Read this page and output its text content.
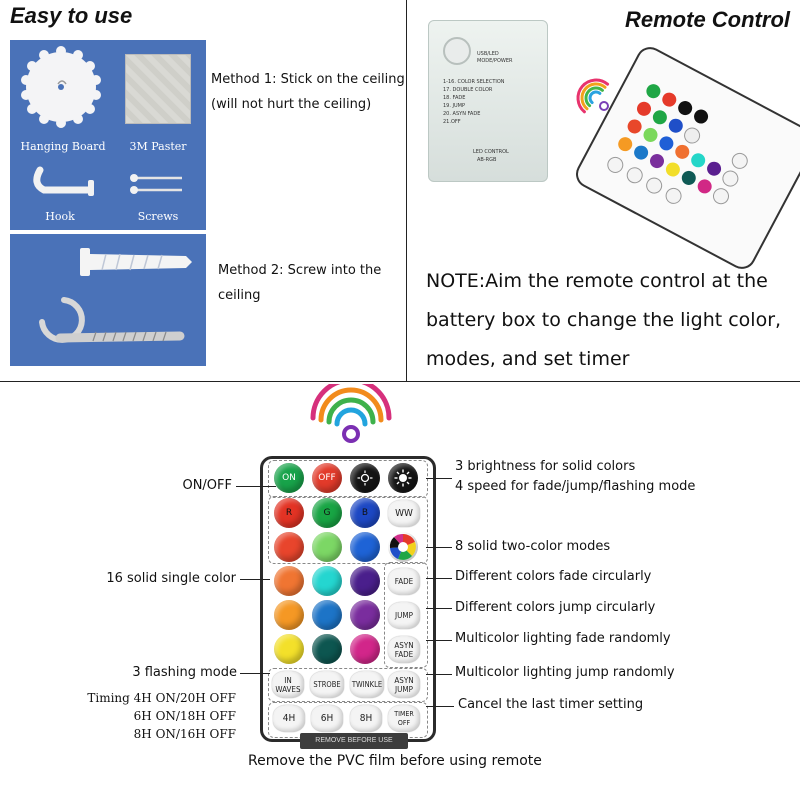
Easy to use
Hanging Board	3M Paster
Hook	Screws
Method 1: Stick on the ceiling
(will not hurt the ceiling)
Method 2: Screw into the
ceiling
Remote Control
USB/LED
MODE/POWER
1-16. COLOR SELECTION
17. DOUBLE COLOR
18. FADE
19. JUMP
20. ASYN FADE
21.OFF
LED CONTROL
AB-RGB
NOTE:Aim the remote control at the
battery box to change the light color,
modes, and set timer
ON	OFF
R	G	B	WW
FADE
JUMP
ASYN FADE
IN WAVES	STROBE	TWINKLE	ASYN JUMP
4H	6H	8H	TIMER OFF
REMOVE BEFORE USE
ON/OFF
16 solid single color
3 flashing mode
Timing 4H ON/20H OFF
6H ON/18H OFF
8H ON/16H OFF
3 brightness for solid colors
4 speed for fade/jump/flashing mode
8 solid two-color modes
Different colors fade circularly
Different colors jump circularly
Multicolor lighting fade randomly
Multicolor lighting jump randomly
Cancel the last timer setting
Remove the PVC film before using remote
